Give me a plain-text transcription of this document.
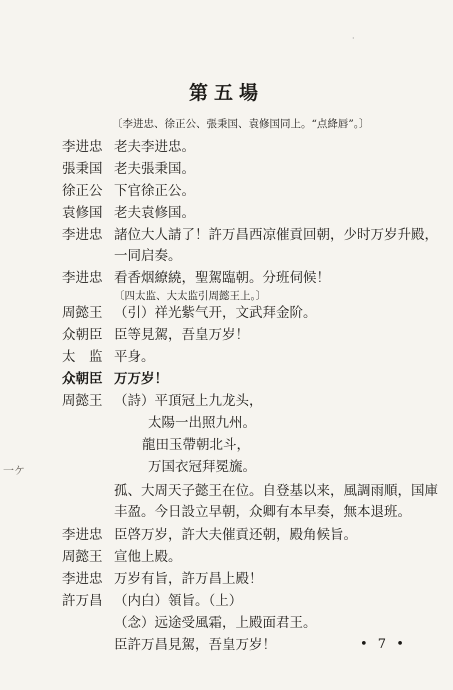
·
第五場
〔李进忠、徐正公、張秉国、袁修国同上。“点絳唇”。〕
李进忠 老夫李进忠。
張秉国 老夫張秉国。
徐正公 下官徐正公。
袁修国 老夫袁修国。
李进忠 諸位大人請了！許万昌西凉催貢回朝，少时万岁升殿，一同启奏。
李进忠 看香烟繚繞，聖駕臨朝。分班伺候！
〔四太监、大太监引周懿王上。〕
周懿王 （引）祥光紫气开，文武拜金阶。
众朝臣 臣等見駕，吾皇万岁！
太　监 平身。
众朝臣 万万岁！
周懿王 （詩）平頂冠上九龙头，
太陽一出照九州。
龍田玉帶朝北斗，
万国衣冠拜冕旒。
孤、大周天子懿王在位。自登基以来，風調雨順，国庫丰盈。今日設立早朝，众卿有本早奏，無本退班。
李进忠 臣啓万岁，許大夫催貢还朝，殿角候旨。
周懿王 宣他上殿。
李进忠 万岁有旨，許万昌上殿！
許万昌 （内白）領旨。（上）
（念）远途受風霜，上殿面君王。
臣許万昌見駕，吾皇万岁！
一ケ
• 7 •
